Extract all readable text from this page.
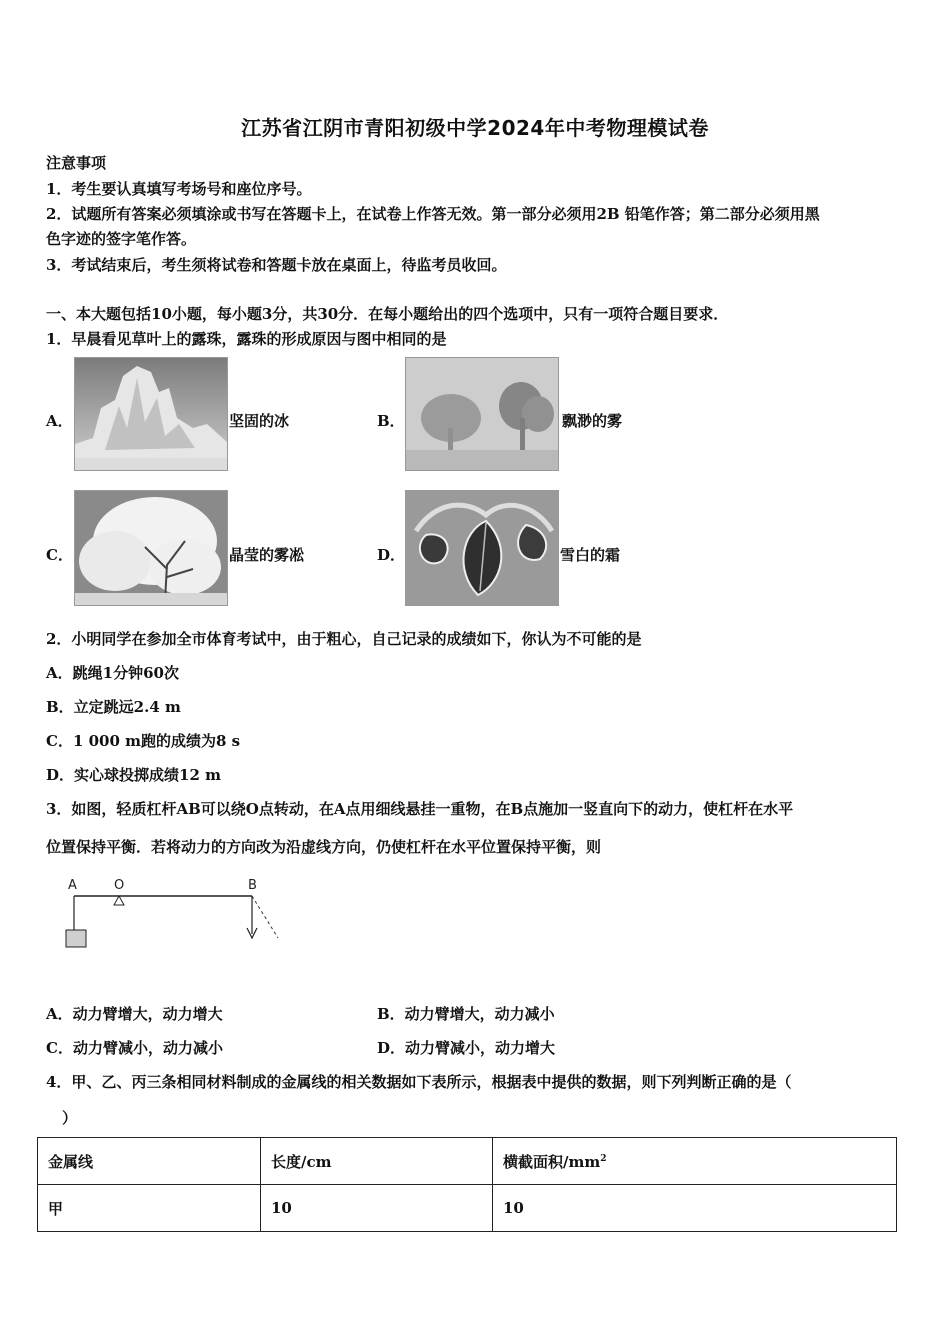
江苏省江阴市青阳初级中学2024年中考物理模试卷
注意事项
1．考生要认真填写考场号和座位序号。
2．试题所有答案必须填涂或书写在答题卡上，在试卷上作答无效。第一部分必须用2B 铅笔作答；第二部分必须用黑
色字迹的签字笔作答。
3．考试结束后，考生须将试卷和答题卡放在桌面上，待监考员收回。
一、本大题包括10小题，每小题3分，共30分．在每小题给出的四个选项中，只有一项符合题目要求．
1．早晨看见草叶上的露珠，露珠的形成原因与图中相同的是
A．	坚固的冰	B．	飘渺的雾
C．	晶莹的雾凇	D．	雪白的霜
2．小明同学在参加全市体育考试中，由于粗心，自己记录的成绩如下，你认为不可能的是
A．跳绳1分钟60次
B．立定跳远2.4 m
C．1 000 m跑的成绩为8 s
D．实心球投掷成绩12 m
3．如图，轻质杠杆AB可以绕O点转动，在A点用细线悬挂一重物，在B点施加一竖直向下的动力，使杠杆在水平
位置保持平衡．若将动力的方向改为沿虚线方向，仍使杠杆在水平位置保持平衡，则
A	O	B
A．动力臂增大，动力增大	B．动力臂增大，动力减小
C．动力臂减小，动力减小	D．动力臂减小，动力增大
4．甲、乙、丙三条相同材料制成的金属线的相关数据如下表所示，根据表中提供的数据，则下列判断正确的是（
）
金属线	长度/cm	横截面积$/mm^2$
甲	10	10
